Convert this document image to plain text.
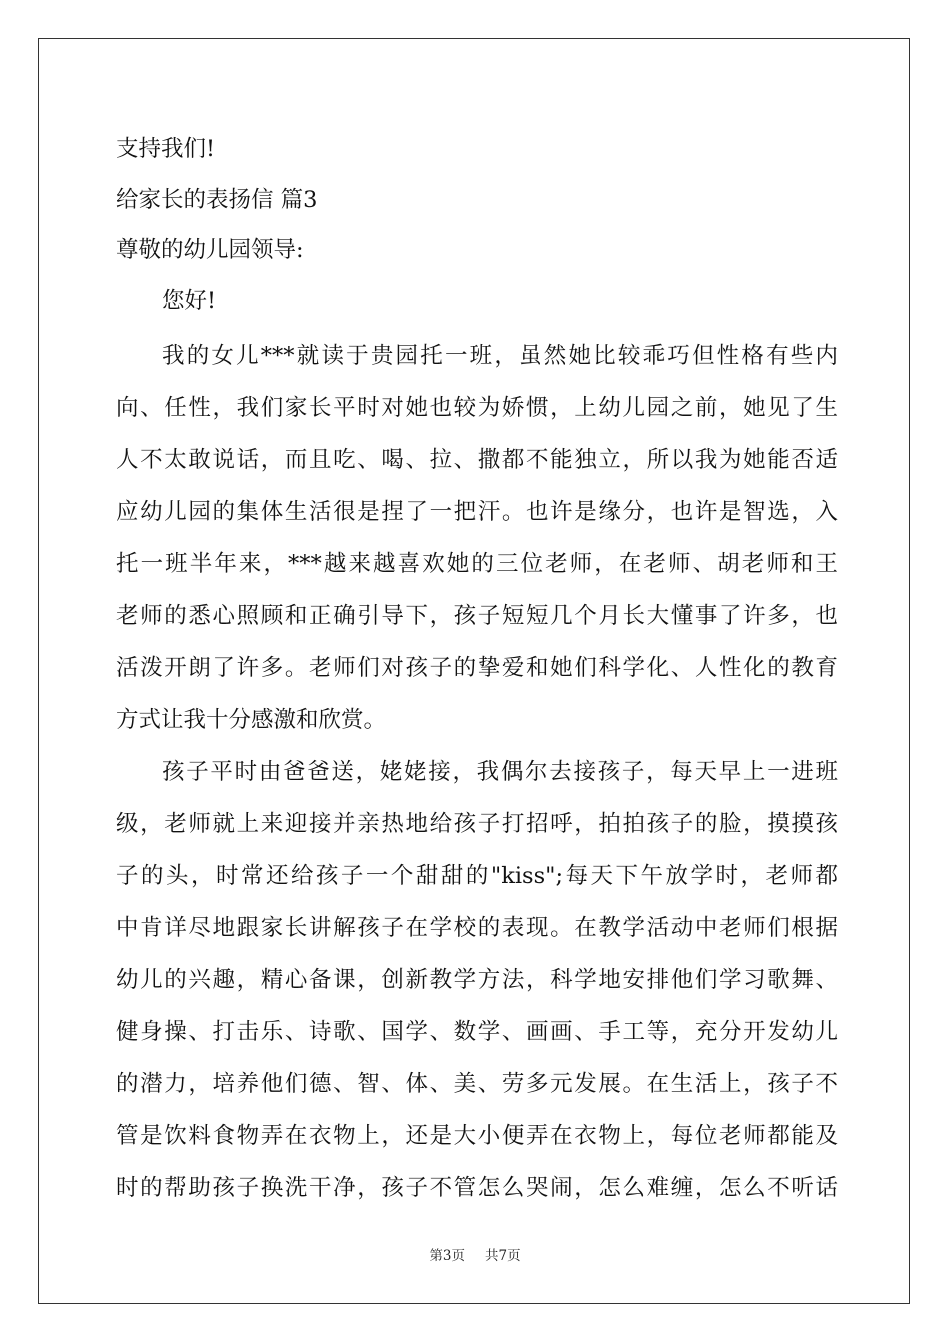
支持我们!

给家长的表扬信 篇3

尊敬的幼儿园领导:

您好!

我的女儿***就读于贵园托一班，虽然她比较乖巧但性格有些内

向、任性，我们家长平时对她也较为娇惯，上幼儿园之前，她见了生

人不太敢说话，而且吃、喝、拉、撒都不能独立，所以我为她能否适

应幼儿园的集体生活很是捏了一把汗。也许是缘分，也许是智选，入

托一班半年来，***越来越喜欢她的三位老师，在老师、胡老师和王

老师的悉心照顾和正确引导下，孩子短短几个月长大懂事了许多，也

活泼开朗了许多。老师们对孩子的挚爱和她们科学化、人性化的教育

方式让我十分感激和欣赏。

孩子平时由爸爸送，姥姥接，我偶尔去接孩子，每天早上一进班

级，老师就上来迎接并亲热地给孩子打招呼，拍拍孩子的脸，摸摸孩

子的头，时常还给孩子一个甜甜的"kiss";每天下午放学时，老师都

中肯详尽地跟家长讲解孩子在学校的表现。在教学活动中老师们根据

幼儿的兴趣，精心备课，创新教学方法，科学地安排他们学习歌舞、

健身操、打击乐、诗歌、国学、数学、画画、手工等，充分开发幼儿

的潜力，培养他们德、智、体、美、劳多元发展。在生活上，孩子不

管是饮料食物弄在衣物上，还是大小便弄在衣物上，每位老师都能及

时的帮助孩子换洗干净，孩子不管怎么哭闹，怎么难缠，怎么不听话

第3页 共7页
